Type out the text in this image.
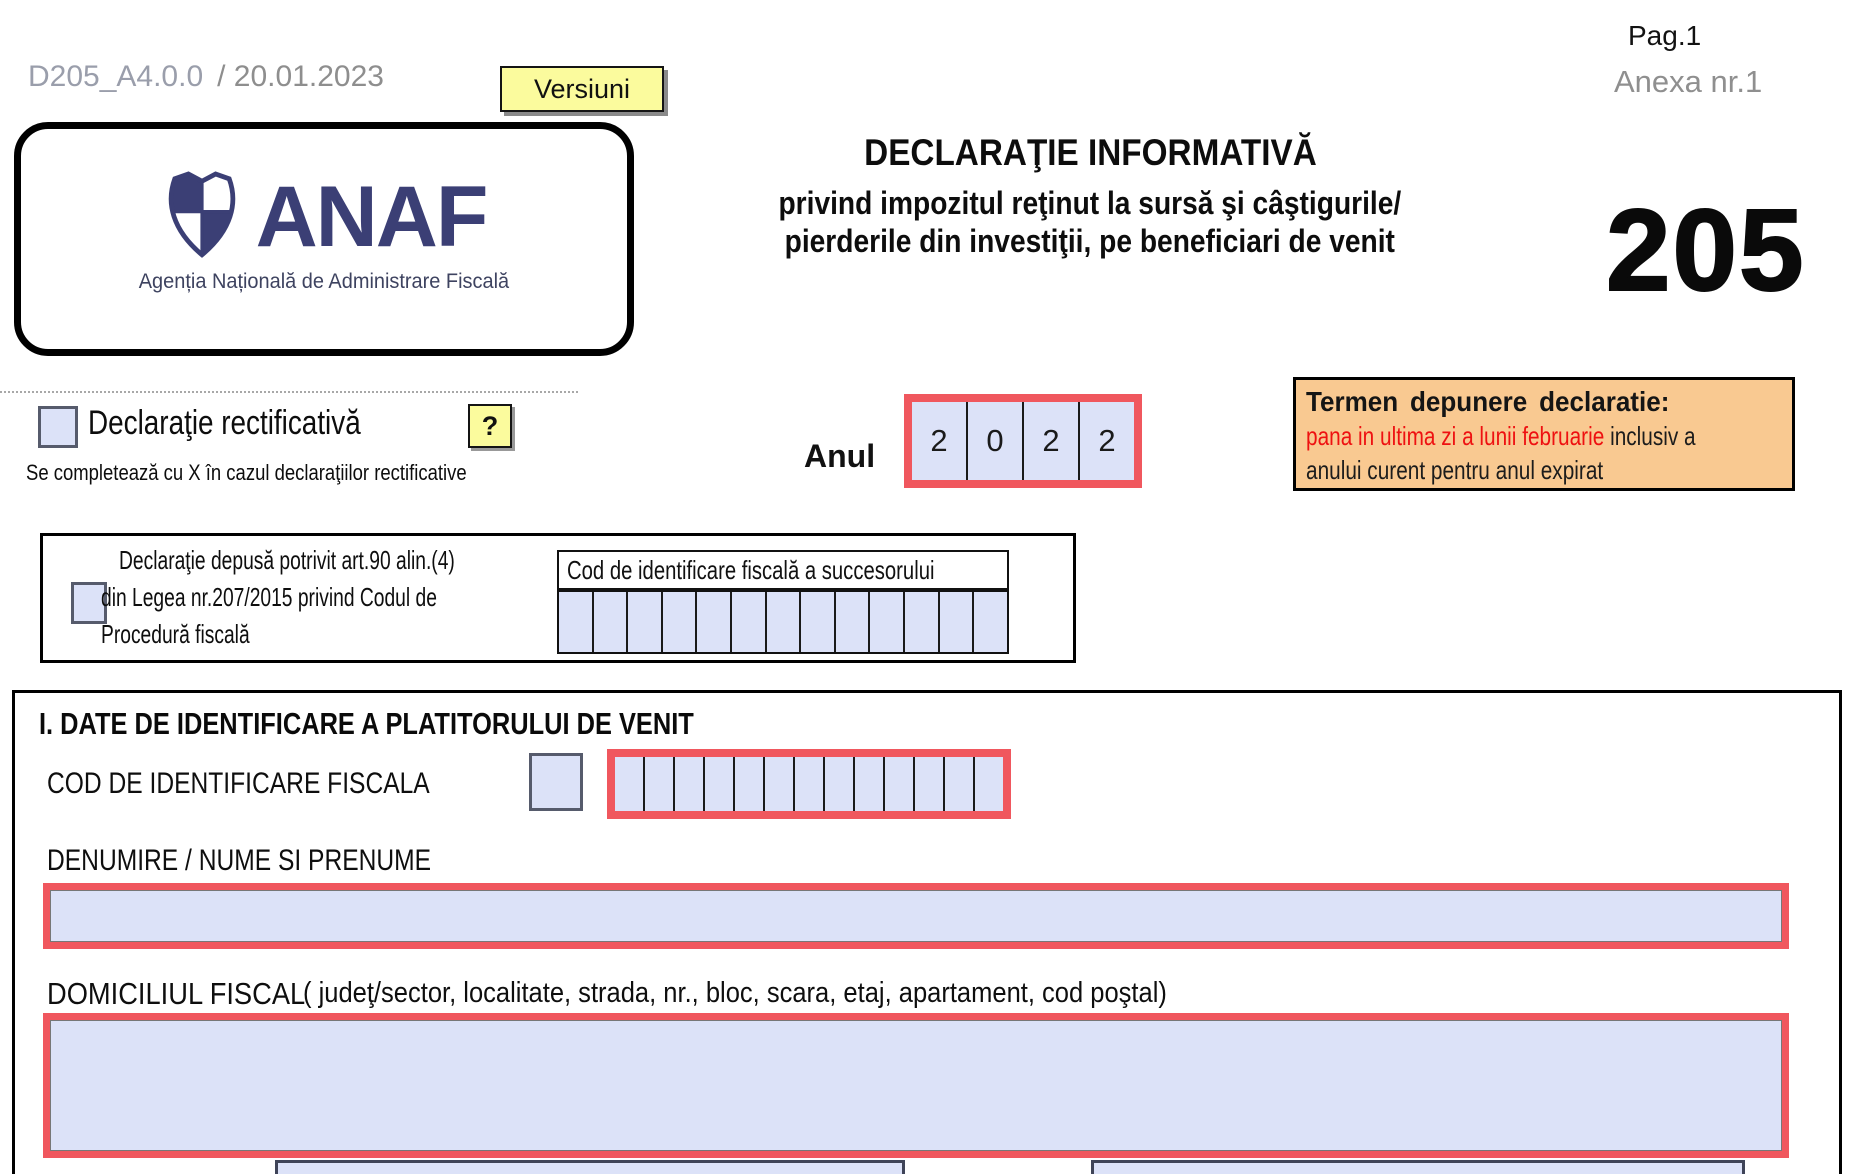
D205_A4.0.0 / 20.01.2023	Versiuni
Pag.1
Anexa nr.1
ANAF
Agenția Națională de Administrare Fiscală
DECLARAŢIE INFORMATIVĂ
privind impozitul reţinut la sursă şi câştigurile/
pierderile din investiţii, pe beneficiari de venit	205
Declaraţie rectificativă	?
Se completează cu X în cazul declaraţiilor rectificative	Anul	2	0	2	2
Termen depunere declaratie:
pana in ultima zi a lunii februarie inclusiv a
anului curent pentru anul expirat
Declaraţie depusă potrivit art.90 alin.(4)
din Legea nr.207/2015 privind Codul de
Procedură fiscală
Cod de identificare fiscală a succesorului
I. DATE DE IDENTIFICARE A PLATITORULUI DE VENIT
COD DE IDENTIFICARE FISCALA
DENUMIRE / NUME SI PRENUME
DOMICILIUL FISCAL
( judeţ/sector, localitate, strada, nr., bloc, scara, etaj, apartament, cod poştal)
